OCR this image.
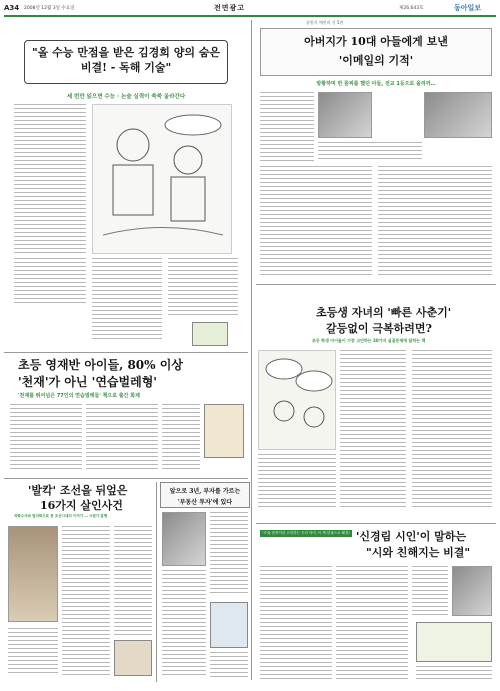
A34 2008년 12월 3일 수요일	전면광고	제26,643호	동아일보
"올 수능 만점을 받은 김경희 양의 숨은 비결! - 독해 기술"
세 번만 읽으면 수능 · 논술 실력이 쑥쑥 올라간다
송원식 예언의 신 5편
아버지가 10대 아들에게 보낸
'이메일의 기적'
방황하며 반 꼴찌를 했던 아들, 전교 1등으로 올리까…
초등생 자녀의 '빠른 사춘기'
갈등없이 극복하려면?
초등 학생 아이들이 가장 고민하는 30가지 실질문제에 답하는 책
'신경림 시인'이 말하는
"시와 친해지는 비결"
'시'와 문학이라 고민하는 우리 아이, 이 책 한권으로 해결!
초등 영재반 아이들, 80% 이상
'천재'가 아닌 '연습벌레형'
'천재를 뛰어넘은 77인의 연습벌레들' 책으로 출간 화제
'발칵' 조선을 뒤엎은
16가지 살인사건
과학수사와 법의학으로 본 조선시대의 이야기 — 시원가 흥행
앞으로 3년, 부자를 가르는
'부동산 투자'에 있다
